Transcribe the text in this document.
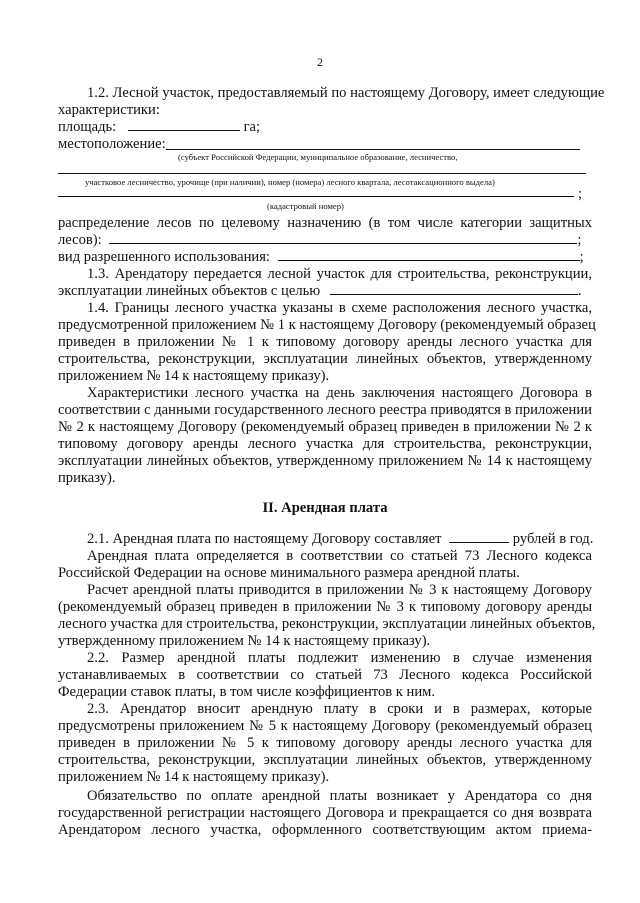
2
1.2. Лесной участок, предоставляемый по настоящему Договору, имеет следующие
характеристики:
площадь:	га;
местоположение:
(субъект Российской Федерации, муниципальное образование, лесничество,
участковое лесничество, урочище (при наличии), номер (номера) лесного квартала, лесотаксационного выдела)
;
(кадастровый номер)
распределение лесов по целевому назначению (в том числе категории защитных
лесов):	;
вид разрешенного использования:	;
1.3. Арендатору передается лесной участок для строительства, реконструкции,
эксплуатации линейных объектов с целью	.
1.4. Границы лесного участка указаны в схеме расположения лесного участка,
предусмотренной приложением № 1 к настоящему Договору (рекомендуемый образец
приведен в приложении № 1 к типовому договору аренды лесного участка для
строительства, реконструкции, эксплуатации линейных объектов, утвержденному
приложением № 14 к настоящему приказу).
Характеристики лесного участка на день заключения настоящего Договора в
соответствии с данными государственного лесного реестра приводятся в приложении
№ 2 к настоящему Договору (рекомендуемый образец приведен в приложении № 2 к
типовому договору аренды лесного участка для строительства, реконструкции,
эксплуатации линейных объектов, утвержденному приложением № 14 к настоящему
приказу).
II. Арендная плата
2.1. Арендная плата по настоящему Договору составляет	рублей в год.
Арендная плата определяется в соответствии со статьей 73 Лесного кодекса
Российской Федерации на основе минимального размера арендной платы.
Расчет арендной платы приводится в приложении № 3 к настоящему Договору
(рекомендуемый образец приведен в приложении № 3 к типовому договору аренды
лесного участка для строительства, реконструкции, эксплуатации линейных объектов,
утвержденному приложением № 14 к настоящему приказу).
2.2. Размер арендной платы подлежит изменению в случае изменения
устанавливаемых в соответствии со статьей 73 Лесного кодекса Российской
Федерации ставок платы, в том числе коэффициентов к ним.
2.3. Арендатор вносит арендную плату в сроки и в размерах, которые
предусмотрены приложением № 5 к настоящему Договору (рекомендуемый образец
приведен в приложении № 5 к типовому договору аренды лесного участка для
строительства, реконструкции, эксплуатации линейных объектов, утвержденному
приложением № 14 к настоящему приказу).
Обязательство по оплате арендной платы возникает у Арендатора со дня
государственной регистрации настоящего Договора и прекращается со дня возврата
Арендатором лесного участка, оформленного соответствующим актом приема-
